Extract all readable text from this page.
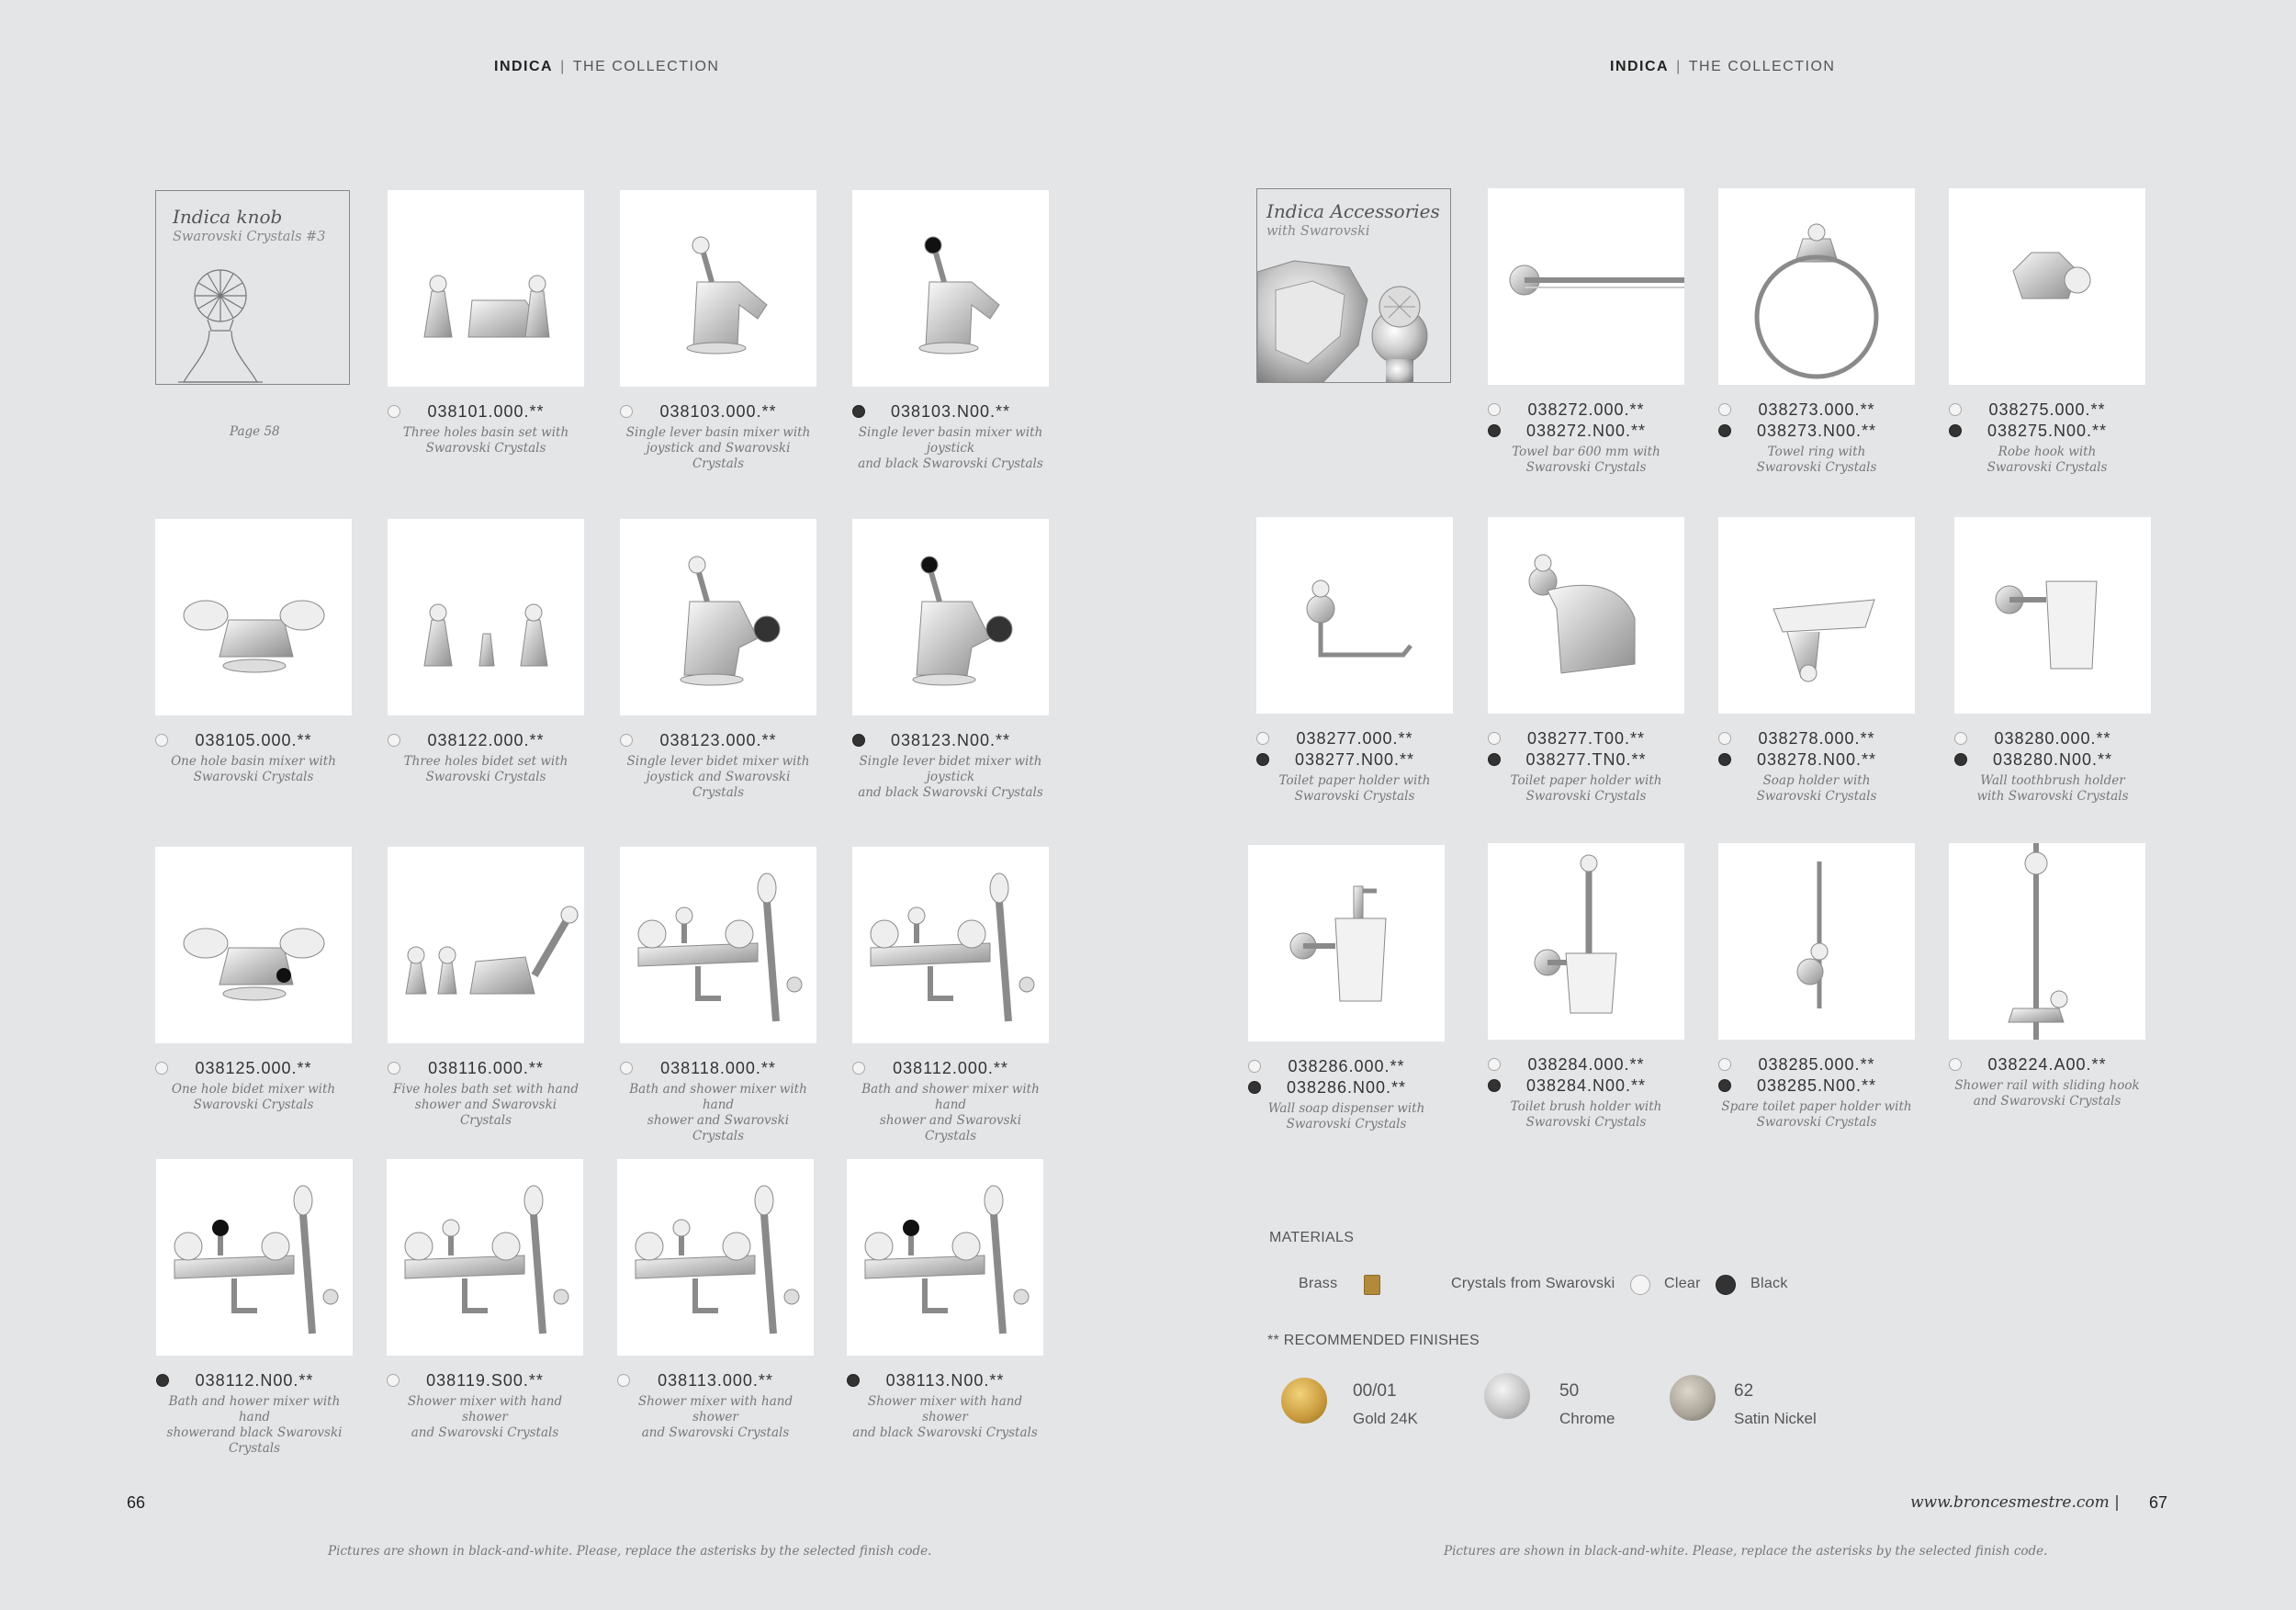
INDICA | THE COLLECTION
Indica knob
Swarovski Crystals #3
Page 58
038101.000.**
Three holes basin set with
Swarovski Crystals
038103.000.**
Single lever basin mixer with
joystick and Swarovski Crystals
038103.N00.**
Single lever basin mixer with joystick
and black Swarovski Crystals
038105.000.**
One hole basin mixer with
Swarovski Crystals
038122.000.**
Three holes bidet set with
Swarovski Crystals
038123.000.**
Single lever bidet mixer with
joystick and Swarovski Crystals
038123.N00.**
Single lever bidet mixer with joystick
and black Swarovski Crystals
038125.000.**
One hole bidet mixer with
Swarovski Crystals
038116.000.**
Five holes bath set with hand
shower and Swarovski Crystals
038118.000.**
Bath and shower mixer with hand
shower and Swarovski Crystals
038112.000.**
Bath and shower mixer with hand
shower and Swarovski Crystals
038112.N00.**
Bath and hower mixer with hand
showerand black Swarovski Crystals
038119.S00.**
Shower mixer with hand shower
and Swarovski Crystals
038113.000.**
Shower mixer with hand shower
and Swarovski Crystals
038113.N00.**
Shower mixer with hand shower
and black Swarovski Crystals
66
Pictures are shown in black-and-white. Please, replace the asterisks by the selected finish code.
INDICA | THE COLLECTION
Indica Accessories
with Swarovski
038272.000.**
038272.N00.**
Towel bar 600 mm with
Swarovski Crystals
038273.000.**
038273.N00.**
Towel ring with
Swarovski Crystals
038275.000.**
038275.N00.**
Robe hook with
Swarovski Crystals
038277.000.**
038277.N00.**
Toilet paper holder with
Swarovski Crystals
038277.T00.**
038277.TN0.**
Toilet paper holder with
Swarovski Crystals
038278.000.**
038278.N00.**
Soap holder with
Swarovski Crystals
038280.000.**
038280.N00.**
Wall toothbrush holder
with Swarovski Crystals
038286.000.**
038286.N00.**
Wall soap dispenser with
Swarovski Crystals
038284.000.**
038284.N00.**
Toilet brush holder with
Swarovski Crystals
038285.000.**
038285.N00.**
Spare toilet paper holder with
Swarovski Crystals
038224.A00.**
Shower rail with sliding hook
and Swarovski Crystals
MATERIALS
Brass	Crystals from Swarovski	Clear	Black
** RECOMMENDED FINISHES
00/01
Gold 24K
50
Chrome
62
Satin Nickel
www.broncesmestre.com | 67
Pictures are shown in black-and-white. Please, replace the asterisks by the selected finish code.
